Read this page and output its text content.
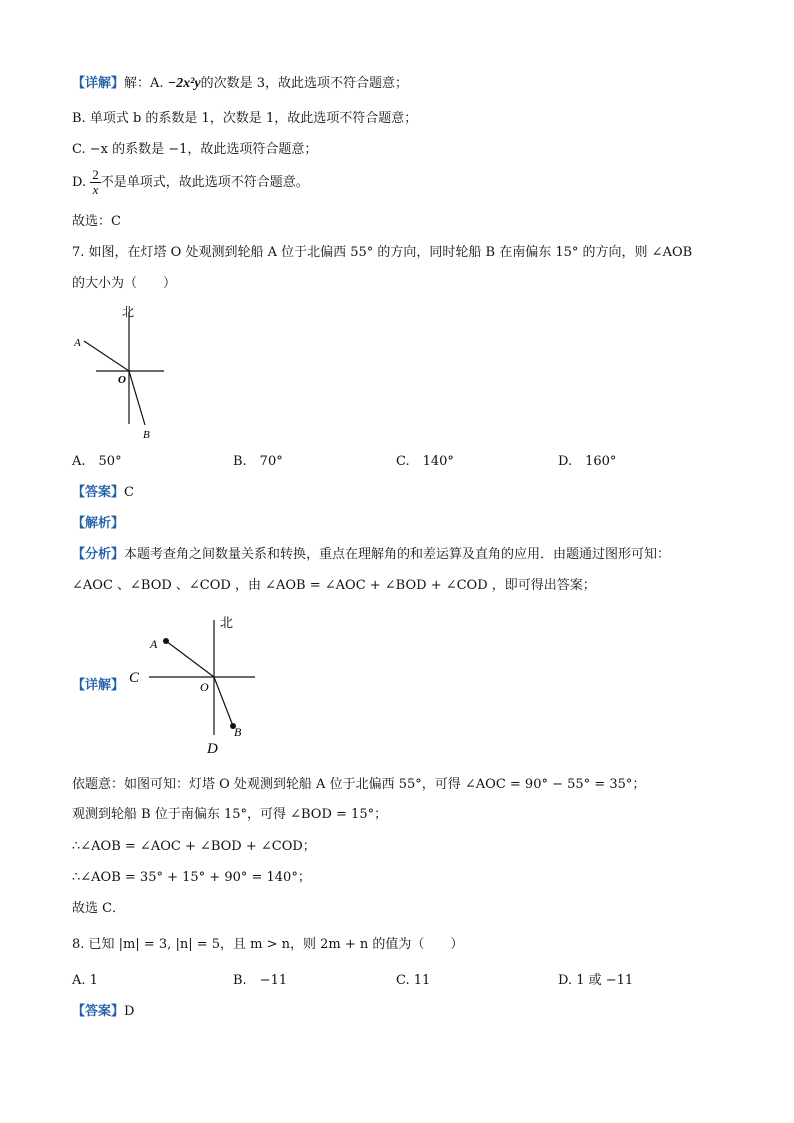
【详解】解：A. −2x²y的次数是 3，故此选项不符合题意；
B. 单项式 b 的系数是 1，次数是 1，故此选项不符合题意；
C. −x 的系数是 −1，故此选项符合题意；
D. $\frac{2}{x}$ 不是单项式，故此选项不符合题意。
故选：C
7. 如图，在灯塔 O 处观测到轮船 A 位于北偏西 55° 的方向，同时轮船 B 在南偏东 15° 的方向，则 ∠AOB
的大小为（　　）
北
A
O
B
A.　50°	B.　70°	C.　140°	D.　160°
【答案】C
【解析】
【分析】本题考查角之间数量关系和转换，重点在理解角的和差运算及直角的应用．由题通过图形可知：
∠AOC 、∠BOD 、∠COD ，由 ∠AOB = ∠AOC + ∠BOD + ∠COD ，即可得出答案；
【详解】
北
A
C
O
B
D
依题意：如图可知：灯塔 O 处观测到轮船 A 位于北偏西 55°，可得 ∠AOC = 90° − 55° = 35°；
观测到轮船 B 位于南偏东 15°，可得 ∠BOD = 15°；
∴∠AOB = ∠AOC + ∠BOD + ∠COD；
∴∠AOB = 35° + 15° + 90° = 140°；
故选 C．
8. 已知 |m| = 3, |n| = 5，且 m > n，则 2m + n 的值为（　　）
A. 1	B.　−11	C. 11	D. 1 或 −11
【答案】D
